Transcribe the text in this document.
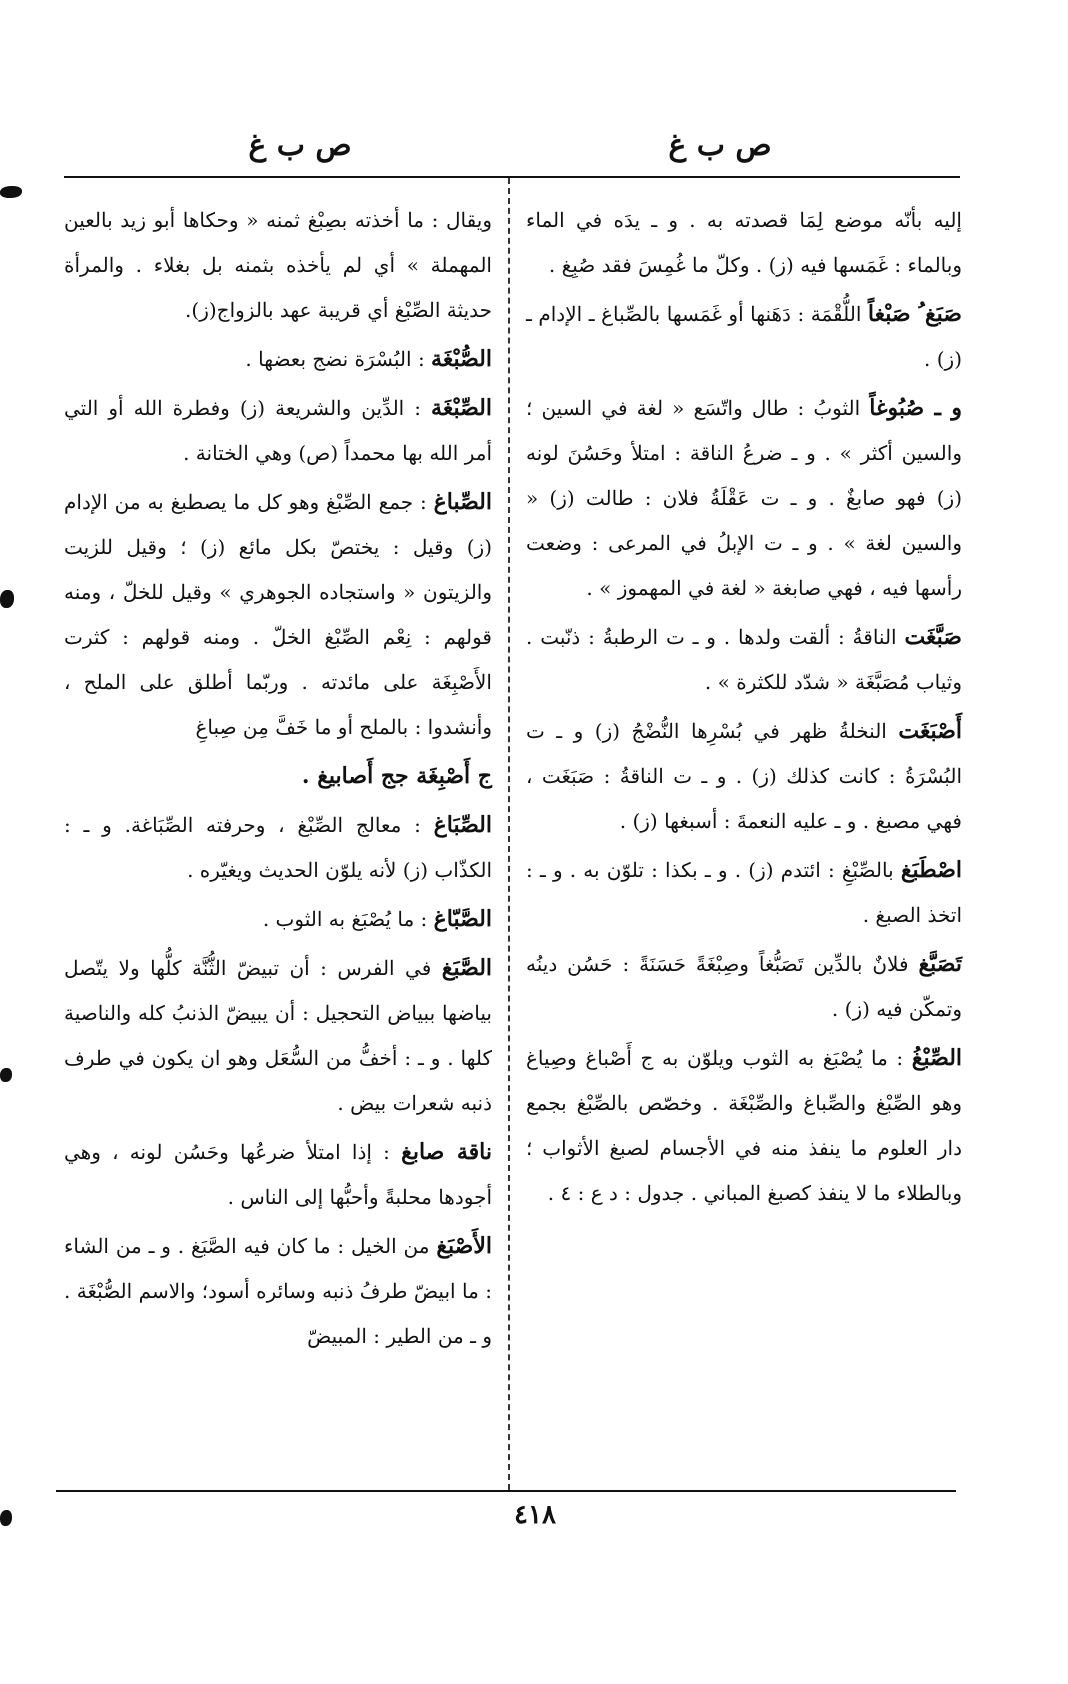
ص ب غ
ص ب غ
إليه بأنّه موضع لِمَا قصدته به . و ـ يدَه في الماء وبالماء : غَمَسها فيه (ز) . وكلّ ما غُمِسَ فقد صُبِغ .
صَبَغ ُ صَبْغاً اللُّقْمَة : دَهَنها أو غَمَسها بالصِّباغ ـ الإدام ـ (ز) .
و ـ صُبُوغاً الثوبُ : طال واتّسَع « لغة في السين ؛ والسين أكثر » . و ـ ضرعُ الناقة : امتلأ وحَسُنَ لونه (ز) فهو صابغٌ . و ـ ت عَقْلَةُ فلان : طالت (ز) « والسين لغة » . و ـ ت الإبلُ في المرعى : وضعت رأسها فيه ، فهي صابغة « لغة في المهموز » .
صَبَّغَت الناقةُ : ألقت ولدها . و ـ ت الرطبةُ : ذنّبت . وثياب مُصَبَّغَة « شدّد للكثرة » .
أَصْبَغَت النخلةُ ظهر في بُسْرِها النُّضْجُ (ز) و ـ ت البُسْرَةُ : كانت كذلك (ز) . و ـ ت الناقةُ : صَبَغَت ، فهي مصبغ . و ـ عليه النعمةَ : أسبغها (ز) .
اصْطَبَغ بالصِّبْغِ : ائتدم (ز) . و ـ بكذا : تلوّن به . و ـ : اتخذ الصبغ .
تَصَبَّغ فلانٌ بالدِّين تَصَبُّغاً وصِبْغَةً حَسَنَةً : حَسُن دينُه وتمكّن فيه (ز) .
الصِّبْغُ : ما يُصْبَغ به الثوب ويلوّن به ج أَصْباغ وصِياغ وهو الصِّبْغ والصِّباغ والصِّبْغَة . وخصّص بالصِّبْغ بجمع دار العلوم ما ينفذ منه في الأجسام لصبغ الأثواب ؛ وبالطلاء ما لا ينفذ كصبغ المباني . جدول : د ع : ٤ .
ويقال : ما أخذته بصِبْغ ثمنه « وحكاها أبو زيد بالعين المهملة » أي لم يأخذه بثمنه بل بغلاء . والمرأة حديثة الصِّبْغ أي قريبة عهد بالزواج(ز).
الصُّبْغَة : البُسْرَة نضج بعضها .
الصِّبْغَة : الدِّين والشريعة (ز) وفطرة الله أو التي أمر الله بها محمداً (ص) وهي الختانة .
الصِّباغ : جمع الصِّبْغ وهو كل ما يصطبغ به من الإدام (ز) وقيل : يختصّ بكل مائع (ز) ؛ وقيل للزيت والزيتون « واستجاده الجوهري » وقيل للخلّ ، ومنه قولهم : نِعْم الصِّبْغ الخلّ . ومنه قولهم : كثرت الأَصْبِغَة على مائدته . وربّما أطلق على الملح ، وأنشدوا : بالملح أو ما خَفَّ مِن صِباغِ
ج أَصْبِغَة جج أَصابيغ .
الصِّبَاغ : معالج الصِّبْغ ، وحرفته الصِّبَاغة. و ـ : الكذّاب (ز) لأنه يلوّن الحديث ويغيّره .
الصَّبّاغ : ما يُصْبَغ به الثوب .
الصَّبَغ في الفرس : أن تبيضّ الثُّنَّة كلُّها ولا يتّصل بياضها ببياض التحجيل : أن يبيضّ الذنبُ كله والناصية كلها . و ـ : أخفُّ من السُّعَل وهو ان يكون في طرف ذنبه شعرات بيض .
ناقة صابغ : إذا امتلأ ضرعُها وحَسُن لونه ، وهي أجودها محلبةً وأحبُّها إلى الناس .
الأَصْبَغ من الخيل : ما كان فيه الصَّبَغ . و ـ من الشاء : ما ابيضّ طرفُ ذنبه وسائره أسود؛ والاسم الصُّبْغَة . و ـ من الطير : المبيضّ
٤١٨
